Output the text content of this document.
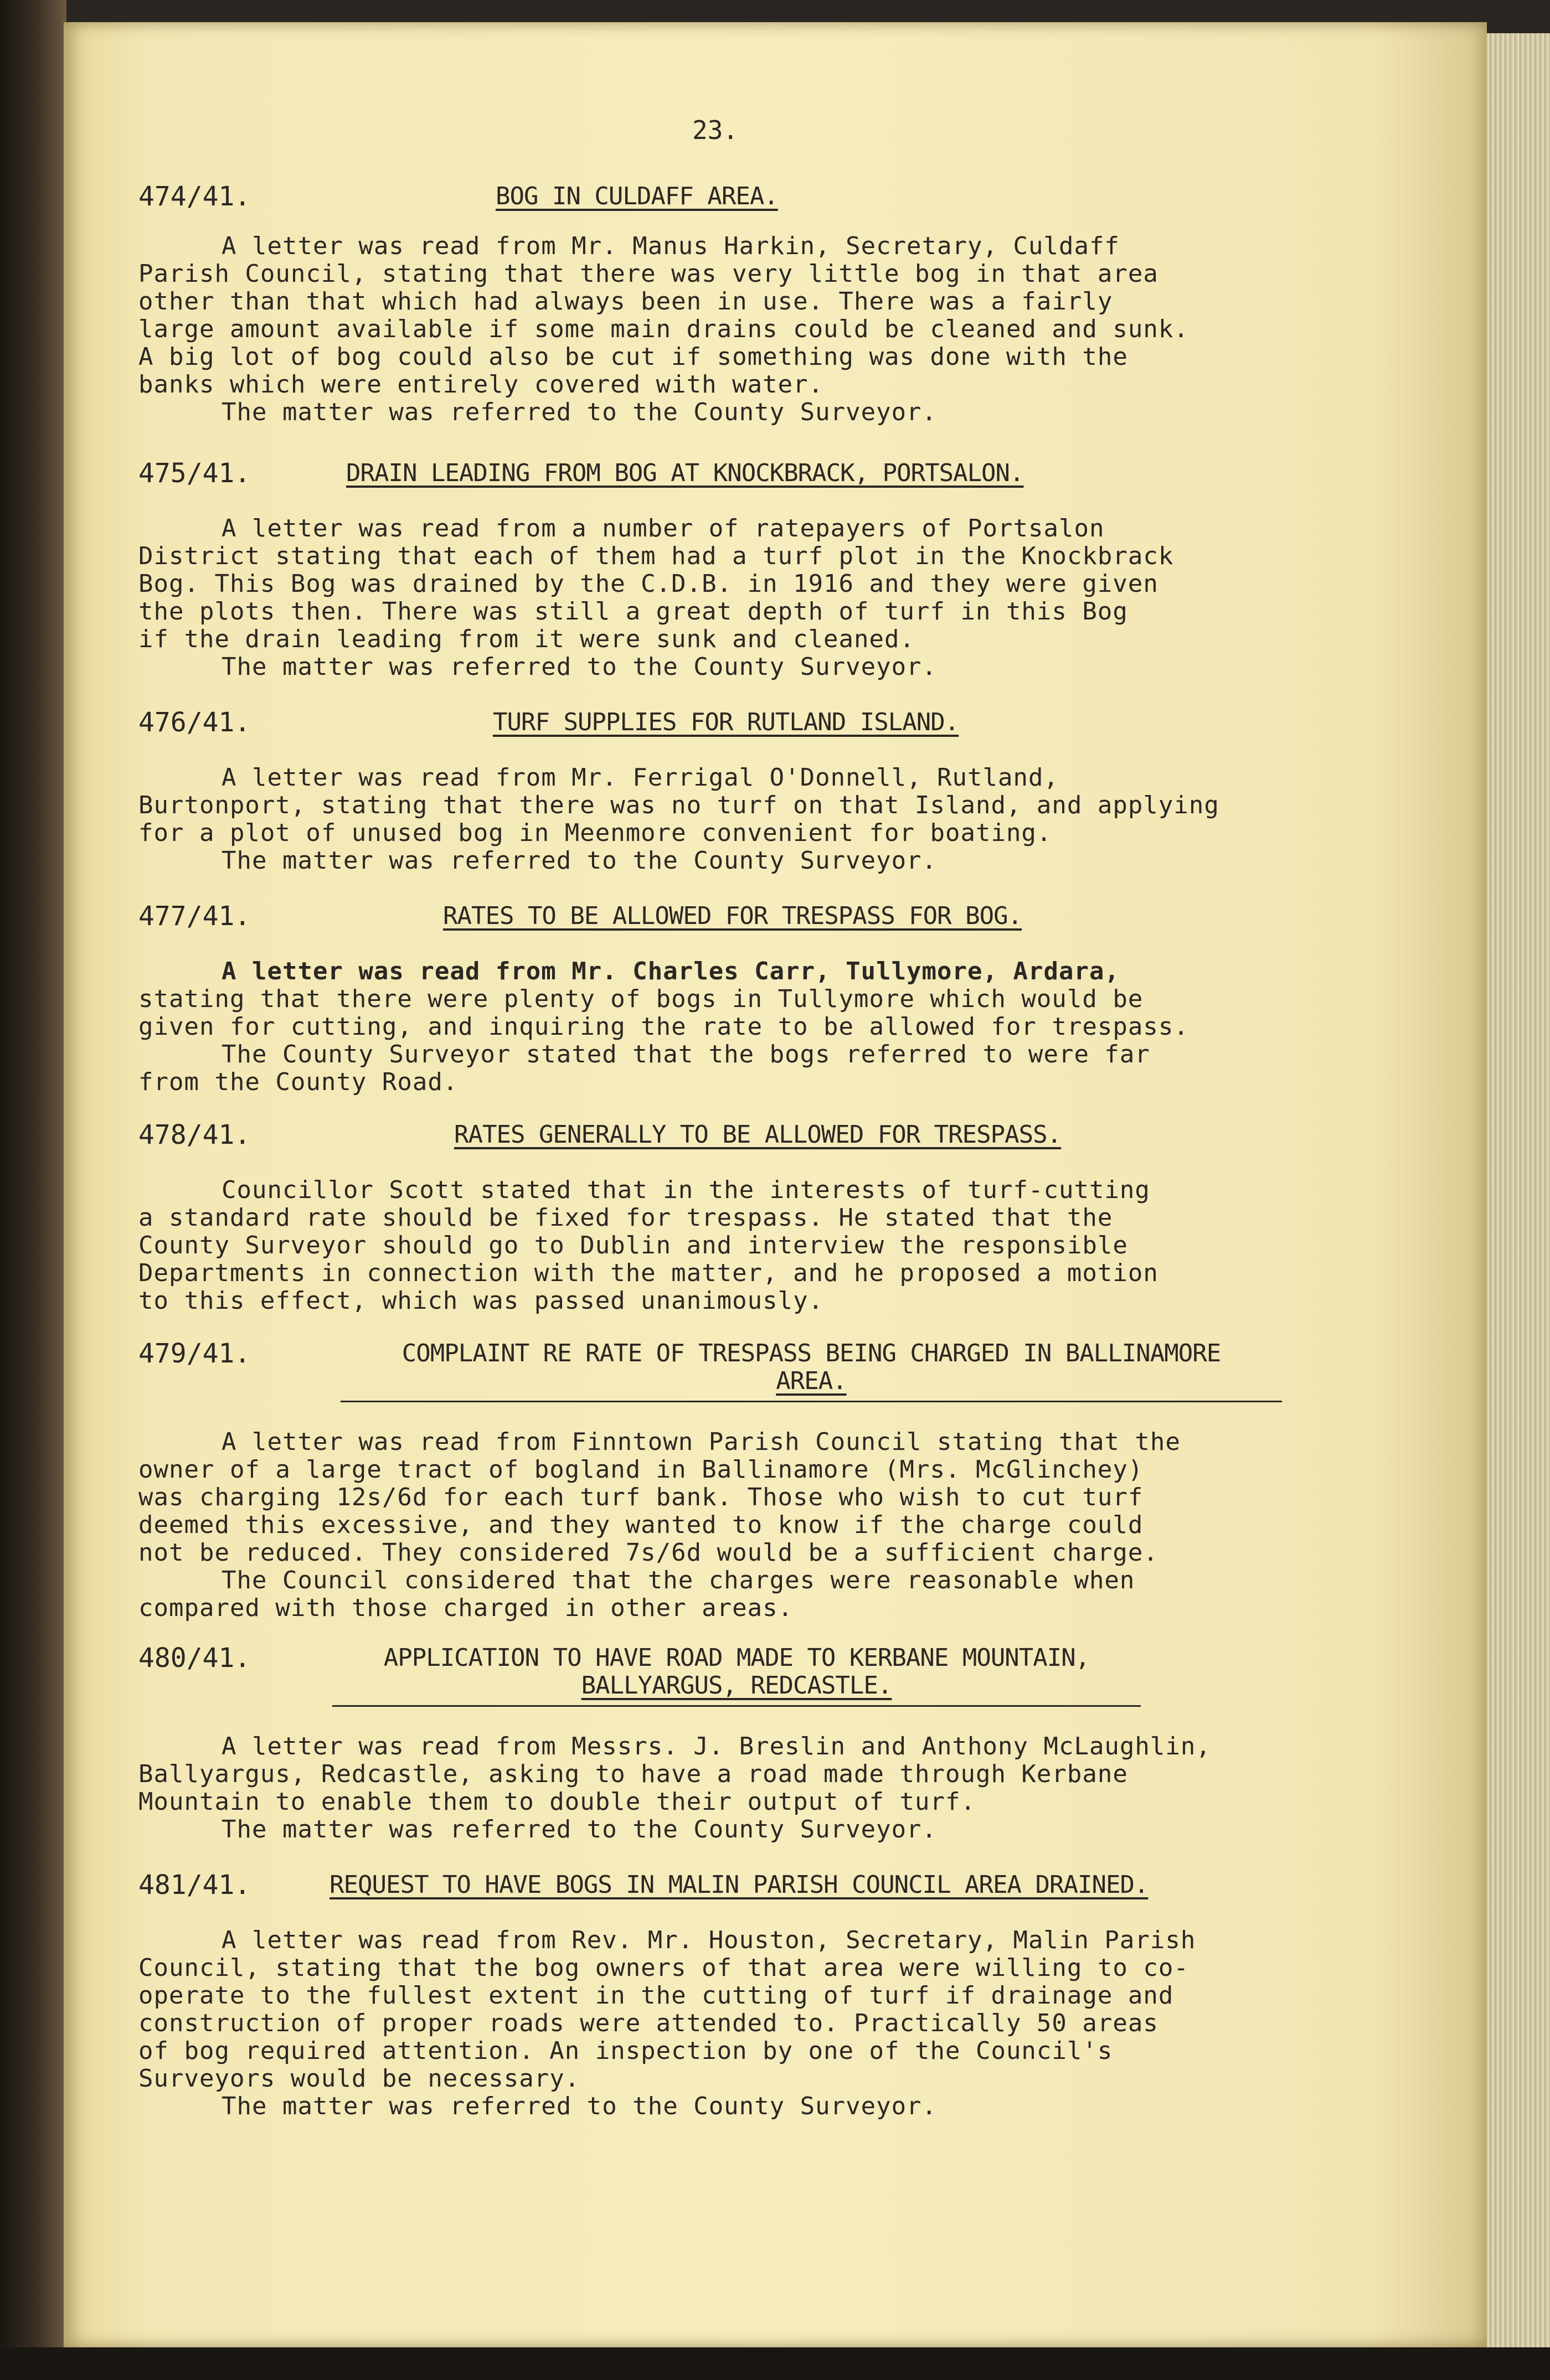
23.
474/41.	BOG IN CULDAFF AREA.
A letter was read from Mr. Manus Harkin, Secretary, Culdaff
Parish Council, stating that there was very little bog in that area
other than that which had always been in use. There was a fairly
large amount available if some main drains could be cleaned and sunk.
A big lot of bog could also be cut if something was done with the
banks which were entirely covered with water.
The matter was referred to the County Surveyor.
475/41.	DRAIN LEADING FROM BOG AT KNOCKBRACK, PORTSALON.
A letter was read from a number of ratepayers of Portsalon
District stating that each of them had a turf plot in the Knockbrack
Bog. This Bog was drained by the C.D.B. in 1916 and they were given
the plots then. There was still a great depth of turf in this Bog
if the drain leading from it were sunk and cleaned.
The matter was referred to the County Surveyor.
476/41.	TURF SUPPLIES FOR RUTLAND ISLAND.
A letter was read from Mr. Ferrigal O'Donnell, Rutland,
Burtonport, stating that there was no turf on that Island, and applying
for a plot of unused bog in Meenmore convenient for boating.
The matter was referred to the County Surveyor.
477/41.	RATES TO BE ALLOWED FOR TRESPASS FOR BOG.
A letter was read from Mr. Charles Carr, Tullymore, Ardara,
stating that there were plenty of bogs in Tullymore which would be
given for cutting, and inquiring the rate to be allowed for trespass.
The County Surveyor stated that the bogs referred to were far
from the County Road.
478/41.	RATES GENERALLY TO BE ALLOWED FOR TRESPASS.
Councillor Scott stated that in the interests of turf-cutting
a standard rate should be fixed for trespass. He stated that the
County Surveyor should go to Dublin and interview the responsible
Departments in connection with the matter, and he proposed a motion
to this effect, which was passed unanimously.
479/41.	COMPLAINT RE RATE OF TRESPASS BEING CHARGED IN BALLINAMORE
AREA.
A letter was read from Finntown Parish Council stating that the
owner of a large tract of bogland in Ballinamore (Mrs. McGlinchey)
was charging 12s/6d for each turf bank. Those who wish to cut turf
deemed this excessive, and they wanted to know if the charge could
not be reduced. They considered 7s/6d would be a sufficient charge.
The Council considered that the charges were reasonable when
compared with those charged in other areas.
480/41.	APPLICATION TO HAVE ROAD MADE TO KERBANE MOUNTAIN,
BALLYARGUS, REDCASTLE.
A letter was read from Messrs. J. Breslin and Anthony McLaughlin,
Ballyargus, Redcastle, asking to have a road made through Kerbane
Mountain to enable them to double their output of turf.
The matter was referred to the County Surveyor.
481/41.	REQUEST TO HAVE BOGS IN MALIN PARISH COUNCIL AREA DRAINED.
A letter was read from Rev. Mr. Houston, Secretary, Malin Parish
Council, stating that the bog owners of that area were willing to co-
operate to the fullest extent in the cutting of turf if drainage and
construction of proper roads were attended to. Practically 50 areas
of bog required attention. An inspection by one of the Council's
Surveyors would be necessary.
The matter was referred to the County Surveyor.
